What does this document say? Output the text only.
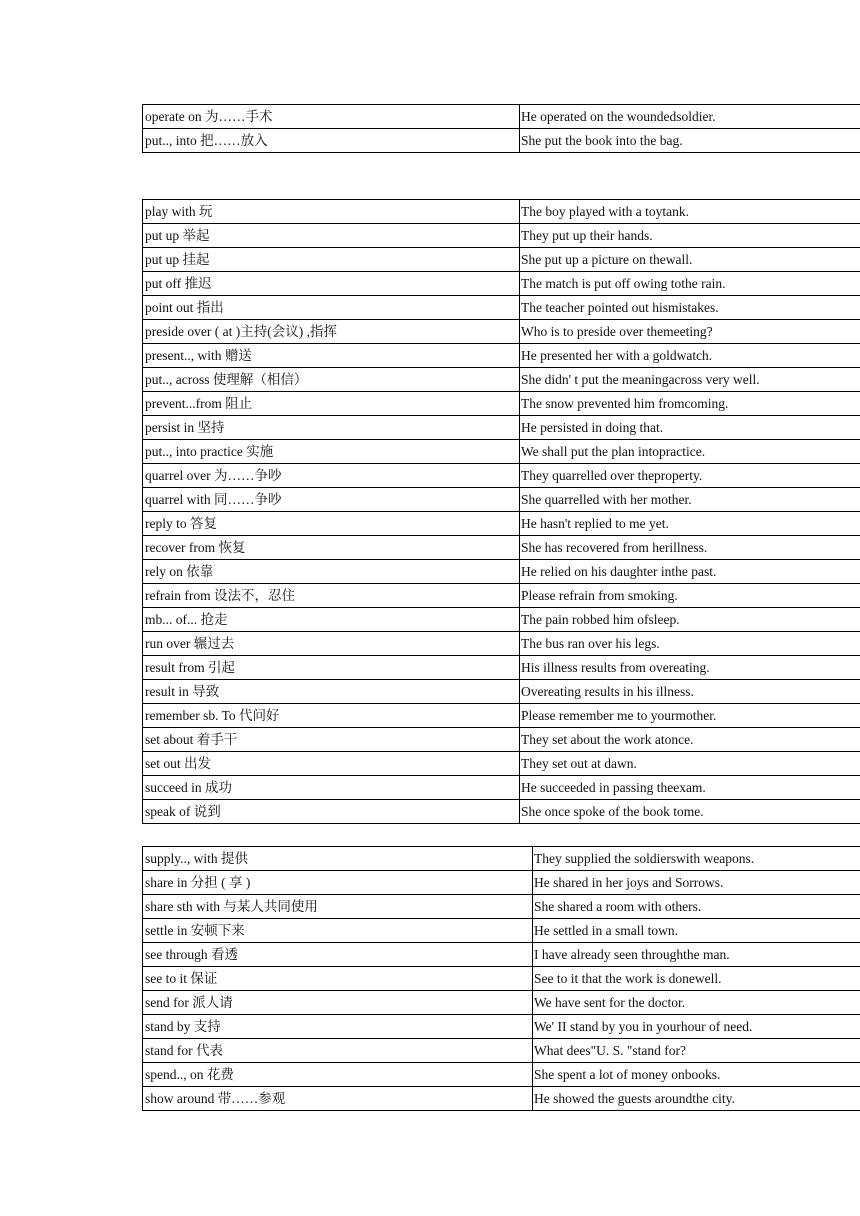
operate on 为……手术	He operated on the woundedsoldier.
put.., into 把……放入	She put the book into the bag.
play with 玩	The boy played with a toytank.
put up 举起	They put up their hands.
put up 挂起	She put up a picture on thewall.
put off 推迟	The match is put off owing tothe rain.
point out 指出	The teacher pointed out hismistakes.
preside over ( at )主持(会议) ,指挥	Who is to preside over themeeting?
present.., with 赠送	He presented her with a goldwatch.
put.., across 使理解（相信）	She didn' t put the meaningacross very well.
prevent...from 阻止	The snow prevented him fromcoming.
persist in 坚持	He persisted in doing that.
put.., into practice 实施	We shall put the plan intopractice.
quarrel over 为……争吵	They quarrelled over theproperty.
quarrel with 同……争吵	She quarrelled with her mother.
reply to 答复	He hasn't replied to me yet.
recover from 恢复	She has recovered from herillness.
rely on 依靠	He relied on his daughter inthe past.
refrain from 设法不，忍住	Please refrain from smoking.
mb... of... 抢走	The pain robbed him ofsleep.
run over 辗过去	The bus ran over his legs.
result from 引起	His illness results from overeating.
result in 导致	Overeating results in his illness.
remember sb. To 代问好	Please remember me to yourmother.
set about 着手干	They set about the work atonce.
set out 出发	They set out at dawn.
succeed in 成功	He succeeded in passing theexam.
speak of 说到	She once spoke of the book tome.
supply.., with 提供	They supplied the soldierswith weapons.
share in 分担 ( 享 )	He shared in her joys and Sorrows.
share sth with 与某人共同使用	She shared a room with others.
settle in 安顿下来	He settled in a small town.
see through 看透	I have already seen throughthe man.
see to it 保证	See to it that the work is donewell.
send for 派人请	We have sent for the doctor.
stand by 支持	We' II stand by you in yourhour of need.
stand for 代表	What dees"U. S. "stand for?
spend.., on 花费	She spent a lot of money onbooks.
show around 带……参观	He showed the guests aroundthe city.
